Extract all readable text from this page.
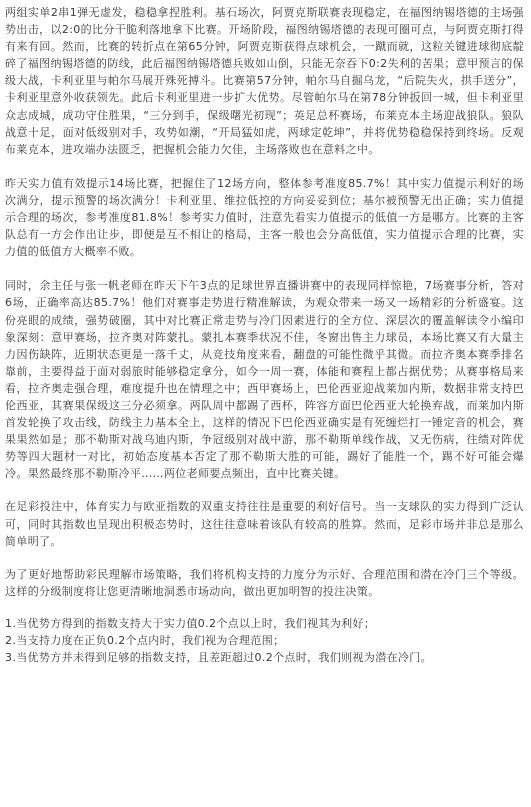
两组实单2串1弹无虚发，稳稳拿捏胜利。基石场次，阿贾克斯联赛表现稳定，在福图纳锡塔德的主场强势出击，以2:0的比分干脆利落地拿下比赛。开场阶段，福图纳锡塔德的表现可圈可点，与阿贾克斯打得有来有回。然而，比赛的转折点在第65分钟，阿贾克斯获得点球机会，一蹴而就，这粒关键进球彻底靛碎了福图纳锡塔德的防线，此后福图纳锡塔德兵败如山倒，只能无奈吞下0:2失利的苦果；意甲预言的保级大战，卡利亚里与帕尔马展开殊死搏斗。比赛第57分钟，帕尔马自掘乌龙，“后院失火，拱手送分”，卡利亚里意外收获领先。此后卡利亚里进一步扩大优势。尽管帕尔马在第78分钟扳回一城，但卡利亚里众志成城，成功守住胜果，“三分到手，保级曙光初现”；英足总杯赛场，布莱克本主场迎战狼队。狼队战意十足，面对低级别对手，攻势如潮，“开局猛如虎，两球定乾坤”，并将优势稳稳保持到终场。反观布莱克本，进攻端办法匮乏，把握机会能力欠佳，主场落败也在意料之中。

昨天实力值有效提示14场比赛，把握住了12场方向，整体参考准度85.7%！其中实力值提示利好的场次满分，提示预警的场次满分！卡利亚里、维拉低控的方向妥妥到位；基尔被预警无出正确；实力值提示合理的场次，参考准度81.8%！参考实力值时，注意先看实力值提示的低值一方是哪方。比赛的主客队总有一方会作出让步，即便是互不相让的格局，主客一般也会分高低值，实力值提示合理的比赛，实力值的低值方大概率不败。

同时，余主任与张一帆老师在昨天下午3点的足球世界直播讲赛中的表现同样惊艳，7场赛事分析，答对6场，正确率高达85.7%！他们对赛事走势进行精准解读，为观众带来一场又一场精彩的分析盛宴。这份亮眼的成绩，强势破圈，其中对比赛正常走势与冷门因素进行的全方位、深层次的覆盖解读令小编印象深刻：意甲赛场，拉齐奥对阵蒙扎。蒙扎本赛季状况不佳，冬窗出售主力球员，本场比赛又有大量主力因伤缺阵，近期状态更是一落千丈，从竞技角度来看，翻盘的可能性微乎其微。而拉齐奥本赛季排名靠前，主要得益于面对弱旅时能够稳定拿分，如今一周一赛，体能和赛程上都占据优势；从赛事格局来看，拉齐奥走强合理，难度提升也在情理之中；西甲赛场上，巴伦西亚迎战莱加内斯，数据非常支持巴伦西亚，其赛果保级这三分必须拿。两队周中都踢了西杯，阵容方面巴伦西亚大轮换弃战，而莱加内斯首发轮换了攻击线，防线主力基本全上，这样的情况下巴伦西亚确实是有死缠烂打一锤定音的机会，赛果果然如是；那不勒斯对战乌迪内斯，争冠级别对战中游，那不勒斯单线作战，又无伤病，往绩对阵优势等四大题材一对比，初始态度基本否定了那不勒斯大胜的可能，踢好了能胜一个，踢不好可能会爆冷。果然最终那不勒斯冷平……两位老师要点频出，直中比赛关键。

在足彩投注中，体育实力与欧亚指数的双重支持往往是重要的利好信号。当一支球队的实力得到广泛认可，同时其指数也呈现出积极态势时，这往往意味着该队有较高的胜算。然而，足彩市场并非总是那么简单明了。

为了更好地帮助彩民理解市场策略，我们将机构支持的力度分为示好、合理范围和潜在冷门三个等级。这样的分级制度将让您更清晰地洞悉市场动向，做出更加明智的投注决策。

1.当优势方得到的指数支持大于实力值0.2个点以上时，我们视其为利好；

2.当支持力度在正负0.2个点内时，我们视为合理范围；

3.当优势方并未得到足够的指数支持，且差距超过0.2个点时，我们则视为潜在冷门。
